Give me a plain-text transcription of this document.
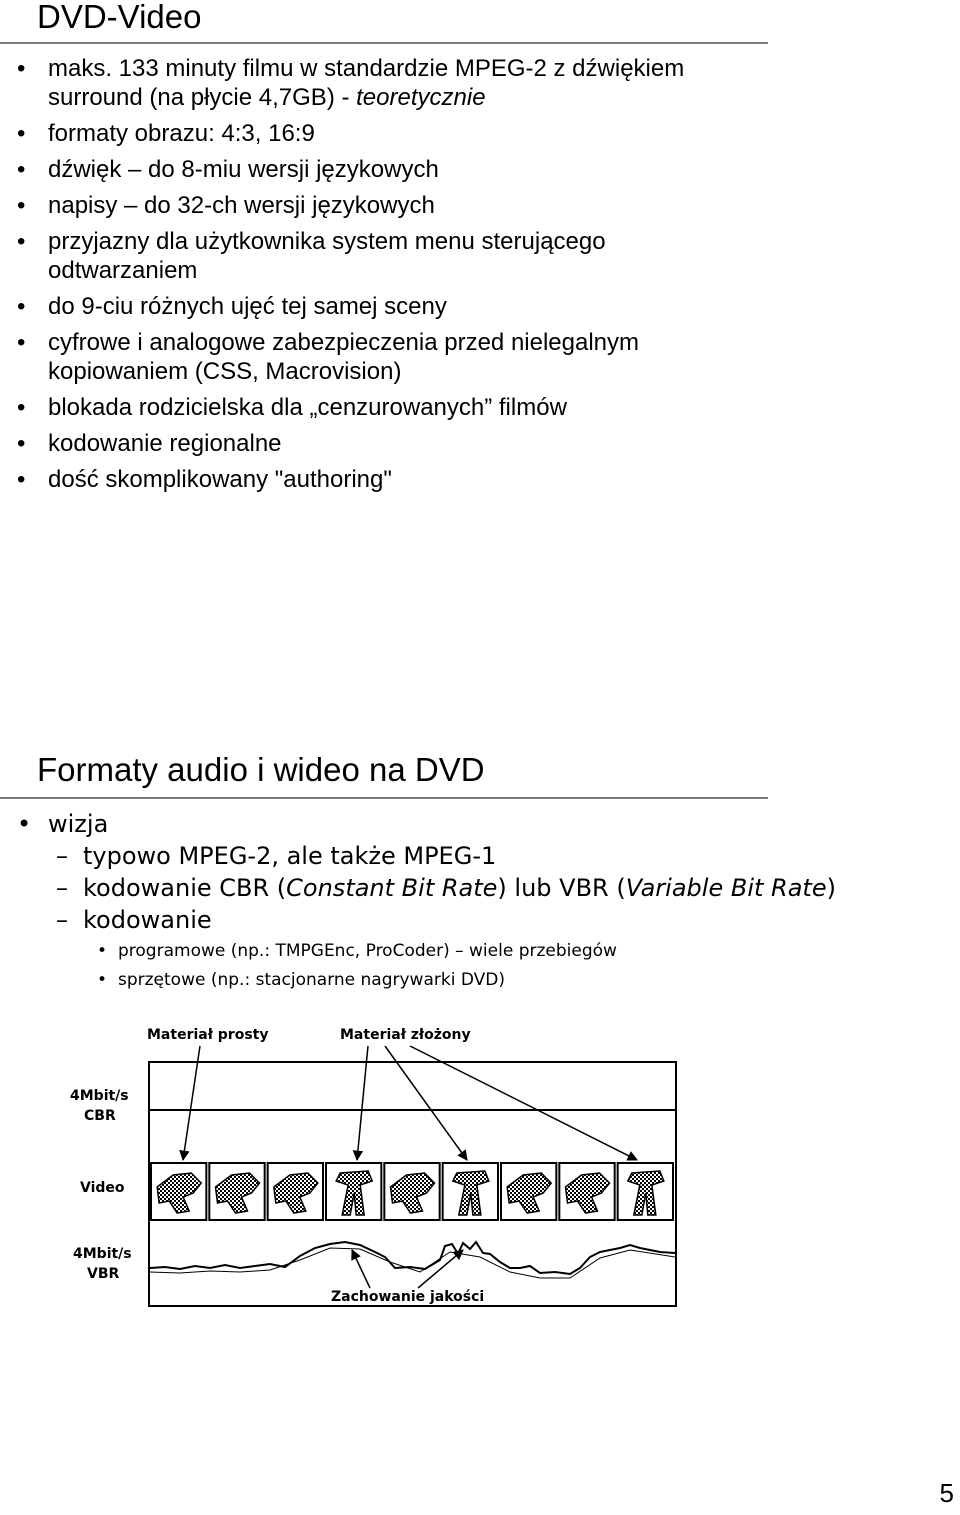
DVD-Video
• maks. 133 minuty filmu w standardzie MPEG-2 z dźwiękiem
surround (na płycie 4,7GB) - teoretycznie
• formaty obrazu: 4:3, 16:9
• dźwięk – do 8-miu wersji językowych
• napisy – do 32-ch wersji językowych
• przyjazny dla użytkownika system menu sterującego
odtwarzaniem
• do 9-ciu różnych ujęć tej samej sceny
• cyfrowe i analogowe zabezpieczenia przed nielegalnym
kopiowaniem (CSS, Macrovision)
• blokada rodzicielska dla „cenzurowanych” filmów
• kodowanie regionalne
• dość skomplikowany "authoring"
Formaty audio i wideo na DVD
• wizja
– typowo MPEG-2, ale także MPEG-1
– kodowanie CBR (Constant Bit Rate) lub VBR (Variable Bit Rate)
– kodowanie
• programowe (np.: TMPGEnc, ProCoder) – wiele przebiegów
• sprzętowe (np.: stacjonarne nagrywarki DVD)
Materiał prosty	Materiał złożony
4Mbit/s
CBR
Video
4Mbit/s
VBR
Zachowanie jakości
5
